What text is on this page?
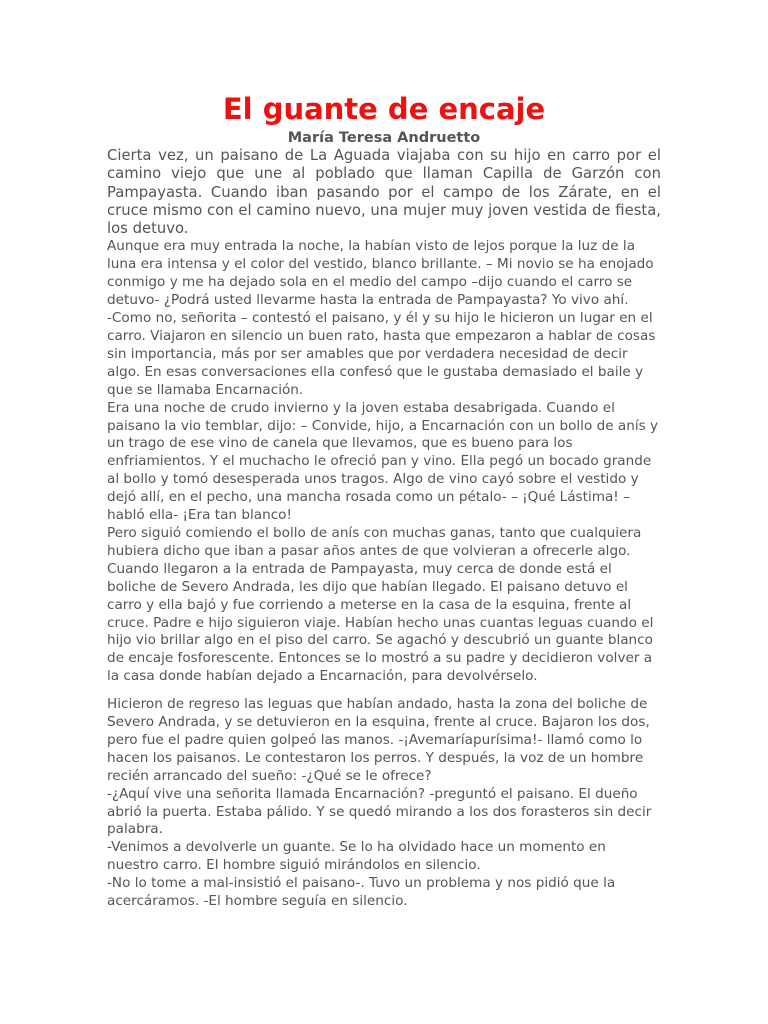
El guante de encaje

María Teresa Andruetto

Cierta vez, un paisano de La Aguada viajaba con su hijo en carro por el camino viejo que une al poblado que llaman Capilla de Garzón con Pampayasta. Cuando iban pasando por el campo de los Zárate, en el cruce mismo con el camino nuevo, una mujer muy joven vestida de fiesta, los detuvo.

Aunque era muy entrada la noche, la habían visto de lejos porque la luz de la luna era intensa y el color del vestido, blanco brillante. – Mi novio se ha enojado conmigo y me ha dejado sola en el medio del campo –dijo cuando el carro se detuvo- ¿Podrá usted llevarme hasta la entrada de Pampayasta? Yo vivo ahí.

-Como no, señorita – contestó el paisano, y él y su hijo le hicieron un lugar en el carro. Viajaron en silencio un buen rato, hasta que empezaron a hablar de cosas sin importancia, más por ser amables que por verdadera necesidad de decir algo. En esas conversaciones ella confesó que le gustaba demasiado el baile y que se llamaba Encarnación.

Era una noche de crudo invierno y la joven estaba desabrigada. Cuando el paisano la vio temblar, dijo: – Convide, hijo, a Encarnación con un bollo de anís y un trago de ese vino de canela que llevamos, que es bueno para los enfriamientos. Y el muchacho le ofreció pan y vino. Ella pegó un bocado grande al bollo y tomó desesperada unos tragos. Algo de vino cayó sobre el vestido y dejó allí, en el pecho, una mancha rosada como un pétalo- – ¡Qué Lástima! – habló ella- ¡Era tan blanco!

Pero siguió comiendo el bollo de anís con muchas ganas, tanto que cualquiera hubiera dicho que iban a pasar años antes de que volvieran a ofrecerle algo. Cuando llegaron a la entrada de Pampayasta, muy cerca de donde está el boliche de Severo Andrada, les dijo que habían llegado. El paisano detuvo el carro y ella bajó y fue corriendo a meterse en la casa de la esquina, frente al cruce. Padre e hijo siguieron viaje. Habían hecho unas cuantas leguas cuando el hijo vio brillar algo en el piso del carro. Se agachó y descubrió un guante blanco de encaje fosforescente. Entonces se lo mostró a su padre y decidieron volver a la casa donde habían dejado a Encarnación, para devolvérselo.

Hicieron de regreso las leguas que habían andado, hasta la zona del boliche de Severo Andrada, y se detuvieron en la esquina, frente al cruce. Bajaron los dos, pero fue el padre quien golpeó las manos. -¡Avemaríapurísima!- llamó como lo hacen los paisanos. Le contestaron los perros. Y después, la voz de un hombre recién arrancado del sueño: -¿Qué se le ofrece?

-¿Aquí vive una señorita llamada Encarnación? -preguntó el paisano. El dueño abrió la puerta. Estaba pálido. Y se quedó mirando a los dos forasteros sin decir palabra.

-Venimos a devolverle un guante. Se lo ha olvidado hace un momento en nuestro carro. El hombre siguió mirándolos en silencio.

-No lo tome a mal-insistió el paisano-. Tuvo un problema y nos pidió que la acercáramos. -El hombre seguía en silencio.
